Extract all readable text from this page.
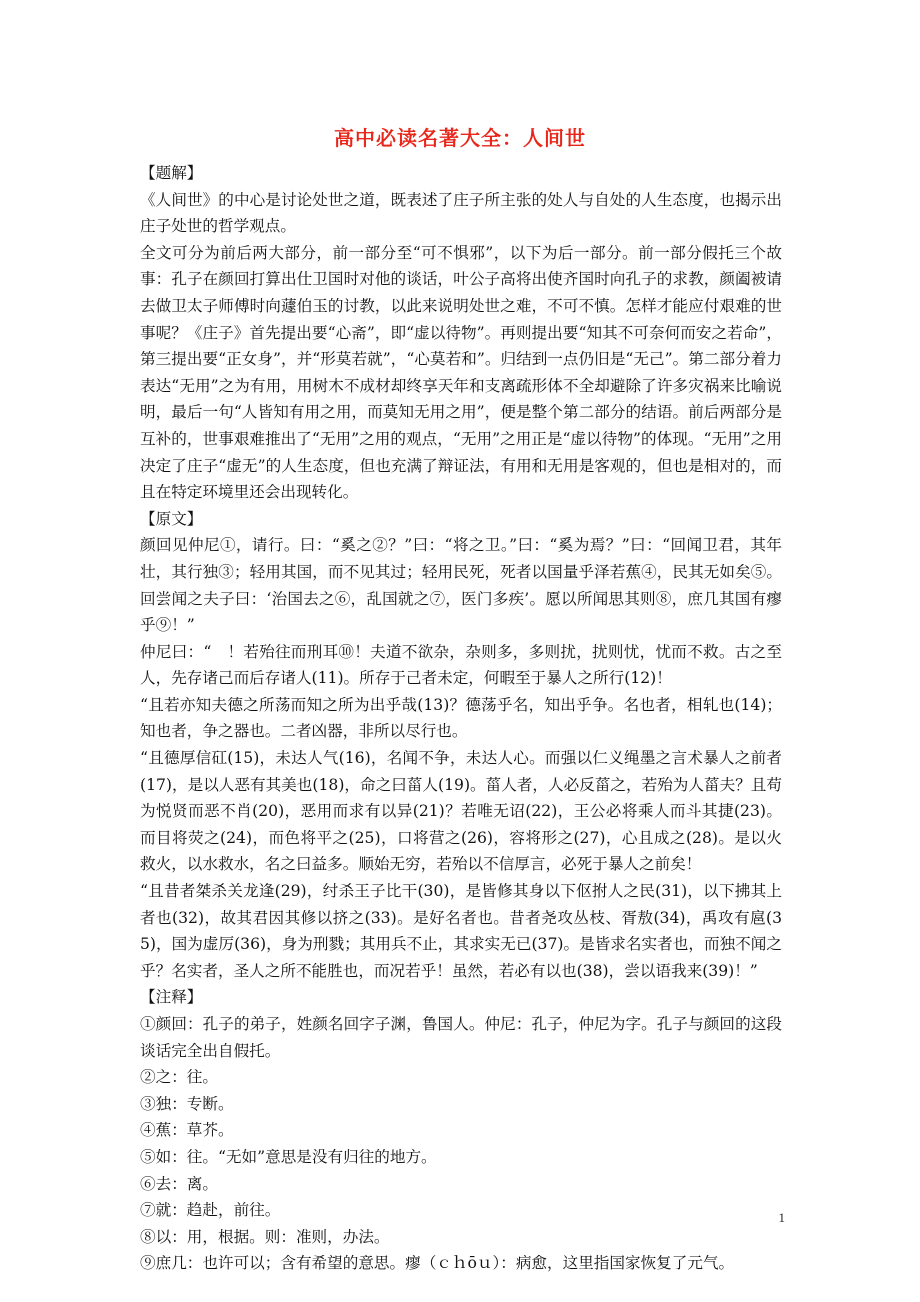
高中必读名著大全：人间世

【题解】

《人间世》的中心是讨论处世之道，既表述了庄子所主张的处人与自处的人生态度，也揭示出庄子处世的哲学观点。

全文可分为前后两大部分，前一部分至“可不惧邪”，以下为后一部分。前一部分假托三个故事：孔子在颜回打算出仕卫国时对他的谈话，叶公子高将出使齐国时向孔子的求教，颜阖被请去做卫太子师傅时向蘧伯玉的讨教，以此来说明处世之难，不可不慎。怎样才能应付艰难的世事呢？《庄子》首先提出要“心斋”，即“虚以待物”。再则提出要“知其不可奈何而安之若命”，第三提出要“正女身”，并“形莫若就”，“心莫若和”。归结到一点仍旧是“无己”。第二部分着力表达“无用”之为有用，用树木不成材却终享天年和支离疏形体不全却避除了许多灾祸来比喻说明，最后一句“人皆知有用之用，而莫知无用之用”，便是整个第二部分的结语。前后两部分是互补的，世事艰难推出了“无用”之用的观点，“无用”之用正是“虚以待物”的体现。“无用”之用决定了庄子“虚无”的人生态度，但也充满了辩证法，有用和无用是客观的，但也是相对的，而且在特定环境里还会出现转化。

【原文】

颜回见仲尼①，请行。曰：“奚之②？”曰：“将之卫。”曰：“奚为焉？”曰：“回闻卫君，其年壮，其行独③；轻用其国，而不见其过；轻用民死，死者以国量乎泽若蕉④，民其无如矣⑤。回尝闻之夫子曰：‘治国去之⑥，乱国就之⑦，医门多疾’。愿以所闻思其则⑧，庶几其国有瘳乎⑨！”

仲尼曰：“　！若殆往而刑耳⑩！夫道不欲杂，杂则多，多则扰，扰则忧，忧而不救。古之至人，先存诸己而后存诸人(11)。所存于己者未定，何暇至于暴人之所行(12)！

“且若亦知夫德之所荡而知之所为出乎哉(13)？德荡乎名，知出乎争。名也者，相轧也(14)；知也者，争之器也。二者凶器，非所以尽行也。

“且德厚信矼(15)，未达人气(16)，名闻不争，未达人心。而强以仁义绳墨之言术暴人之前者(17)，是以人恶有其美也(18)，命之曰菑人(19)。菑人者，人必反菑之，若殆为人菑夫？且苟为悦贤而恶不肖(20)，恶用而求有以异(21)？若唯无诏(22)，王公必将乘人而斗其捷(23)。而目将荧之(24)，而色将平之(25)，口将营之(26)，容将形之(27)，心且成之(28)。是以火救火，以水救水，名之曰益多。顺始无穷，若殆以不信厚言，必死于暴人之前矣！

“且昔者桀杀关龙逢(29)，纣杀王子比干(30)，是皆修其身以下伛拊人之民(31)，以下拂其上者也(32)，故其君因其修以挤之(33)。是好名者也。昔者尧攻丛枝、胥敖(34)，禹攻有扈(35)，国为虚厉(36)，身为刑戮；其用兵不止，其求实无已(37)。是皆求名实者也，而独不闻之乎？名实者，圣人之所不能胜也，而况若乎！虽然，若必有以也(38)，尝以语我来(39)！”

【注释】

①颜回：孔子的弟子，姓颜名回字子渊，鲁国人。仲尼：孔子，仲尼为字。孔子与颜回的这段谈话完全出自假托。

②之：往。

③独：专断。

④蕉：草芥。

⑤如：往。“无如”意思是没有归往的地方。

⑥去：离。

⑦就：趋赴，前往。

⑧以：用，根据。则：准则，办法。

⑨庶几：也许可以；含有希望的意思。瘳（ｃｈōｕ）：病愈，这里指国家恢复了元气。

1
